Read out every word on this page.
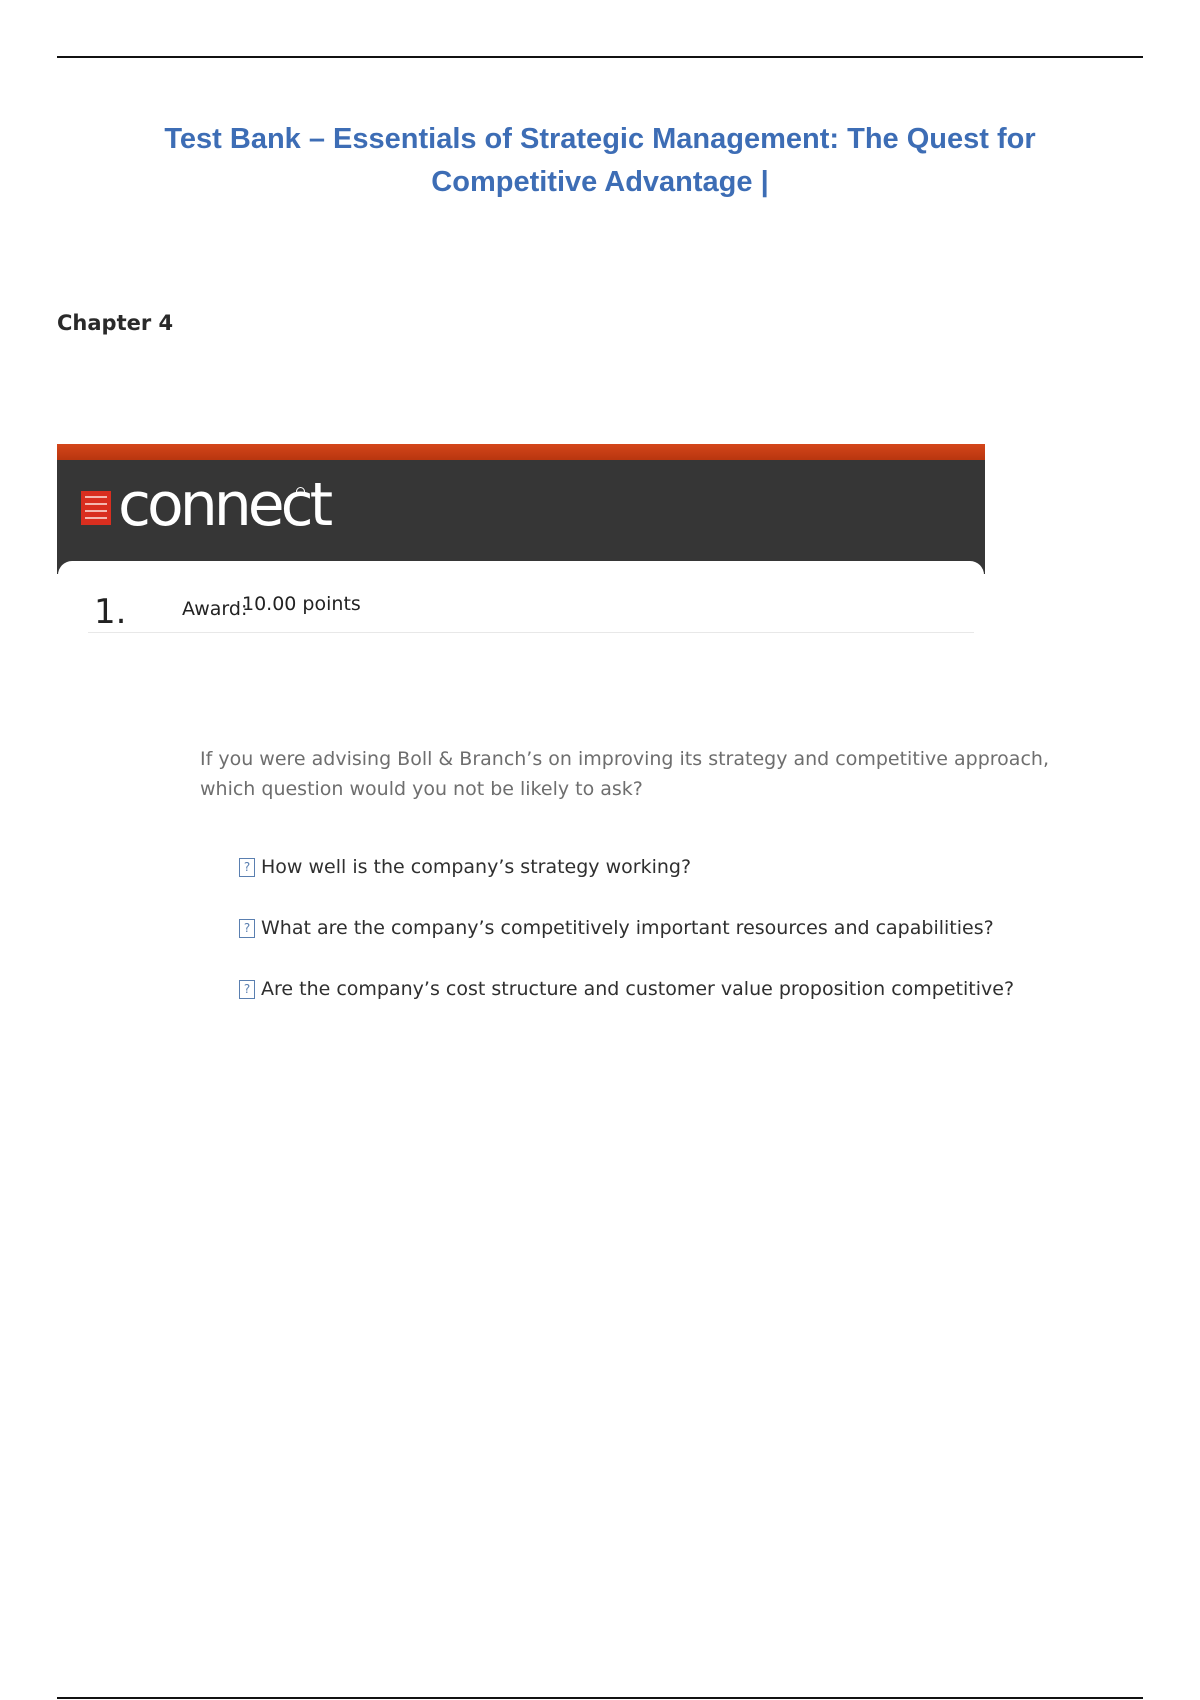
Test Bank – Essentials of Strategic Management: The Quest for
Competitive Advantage |
Chapter 4
connect
1.	Award:
10.00 points
If you were advising Boll & Branch’s on improving its strategy and competitive approach, which question would you not be likely to ask?
? How well is the company’s strategy working?
? What are the company’s competitively important resources and capabilities?
? Are the company’s cost structure and customer value proposition competitive?
